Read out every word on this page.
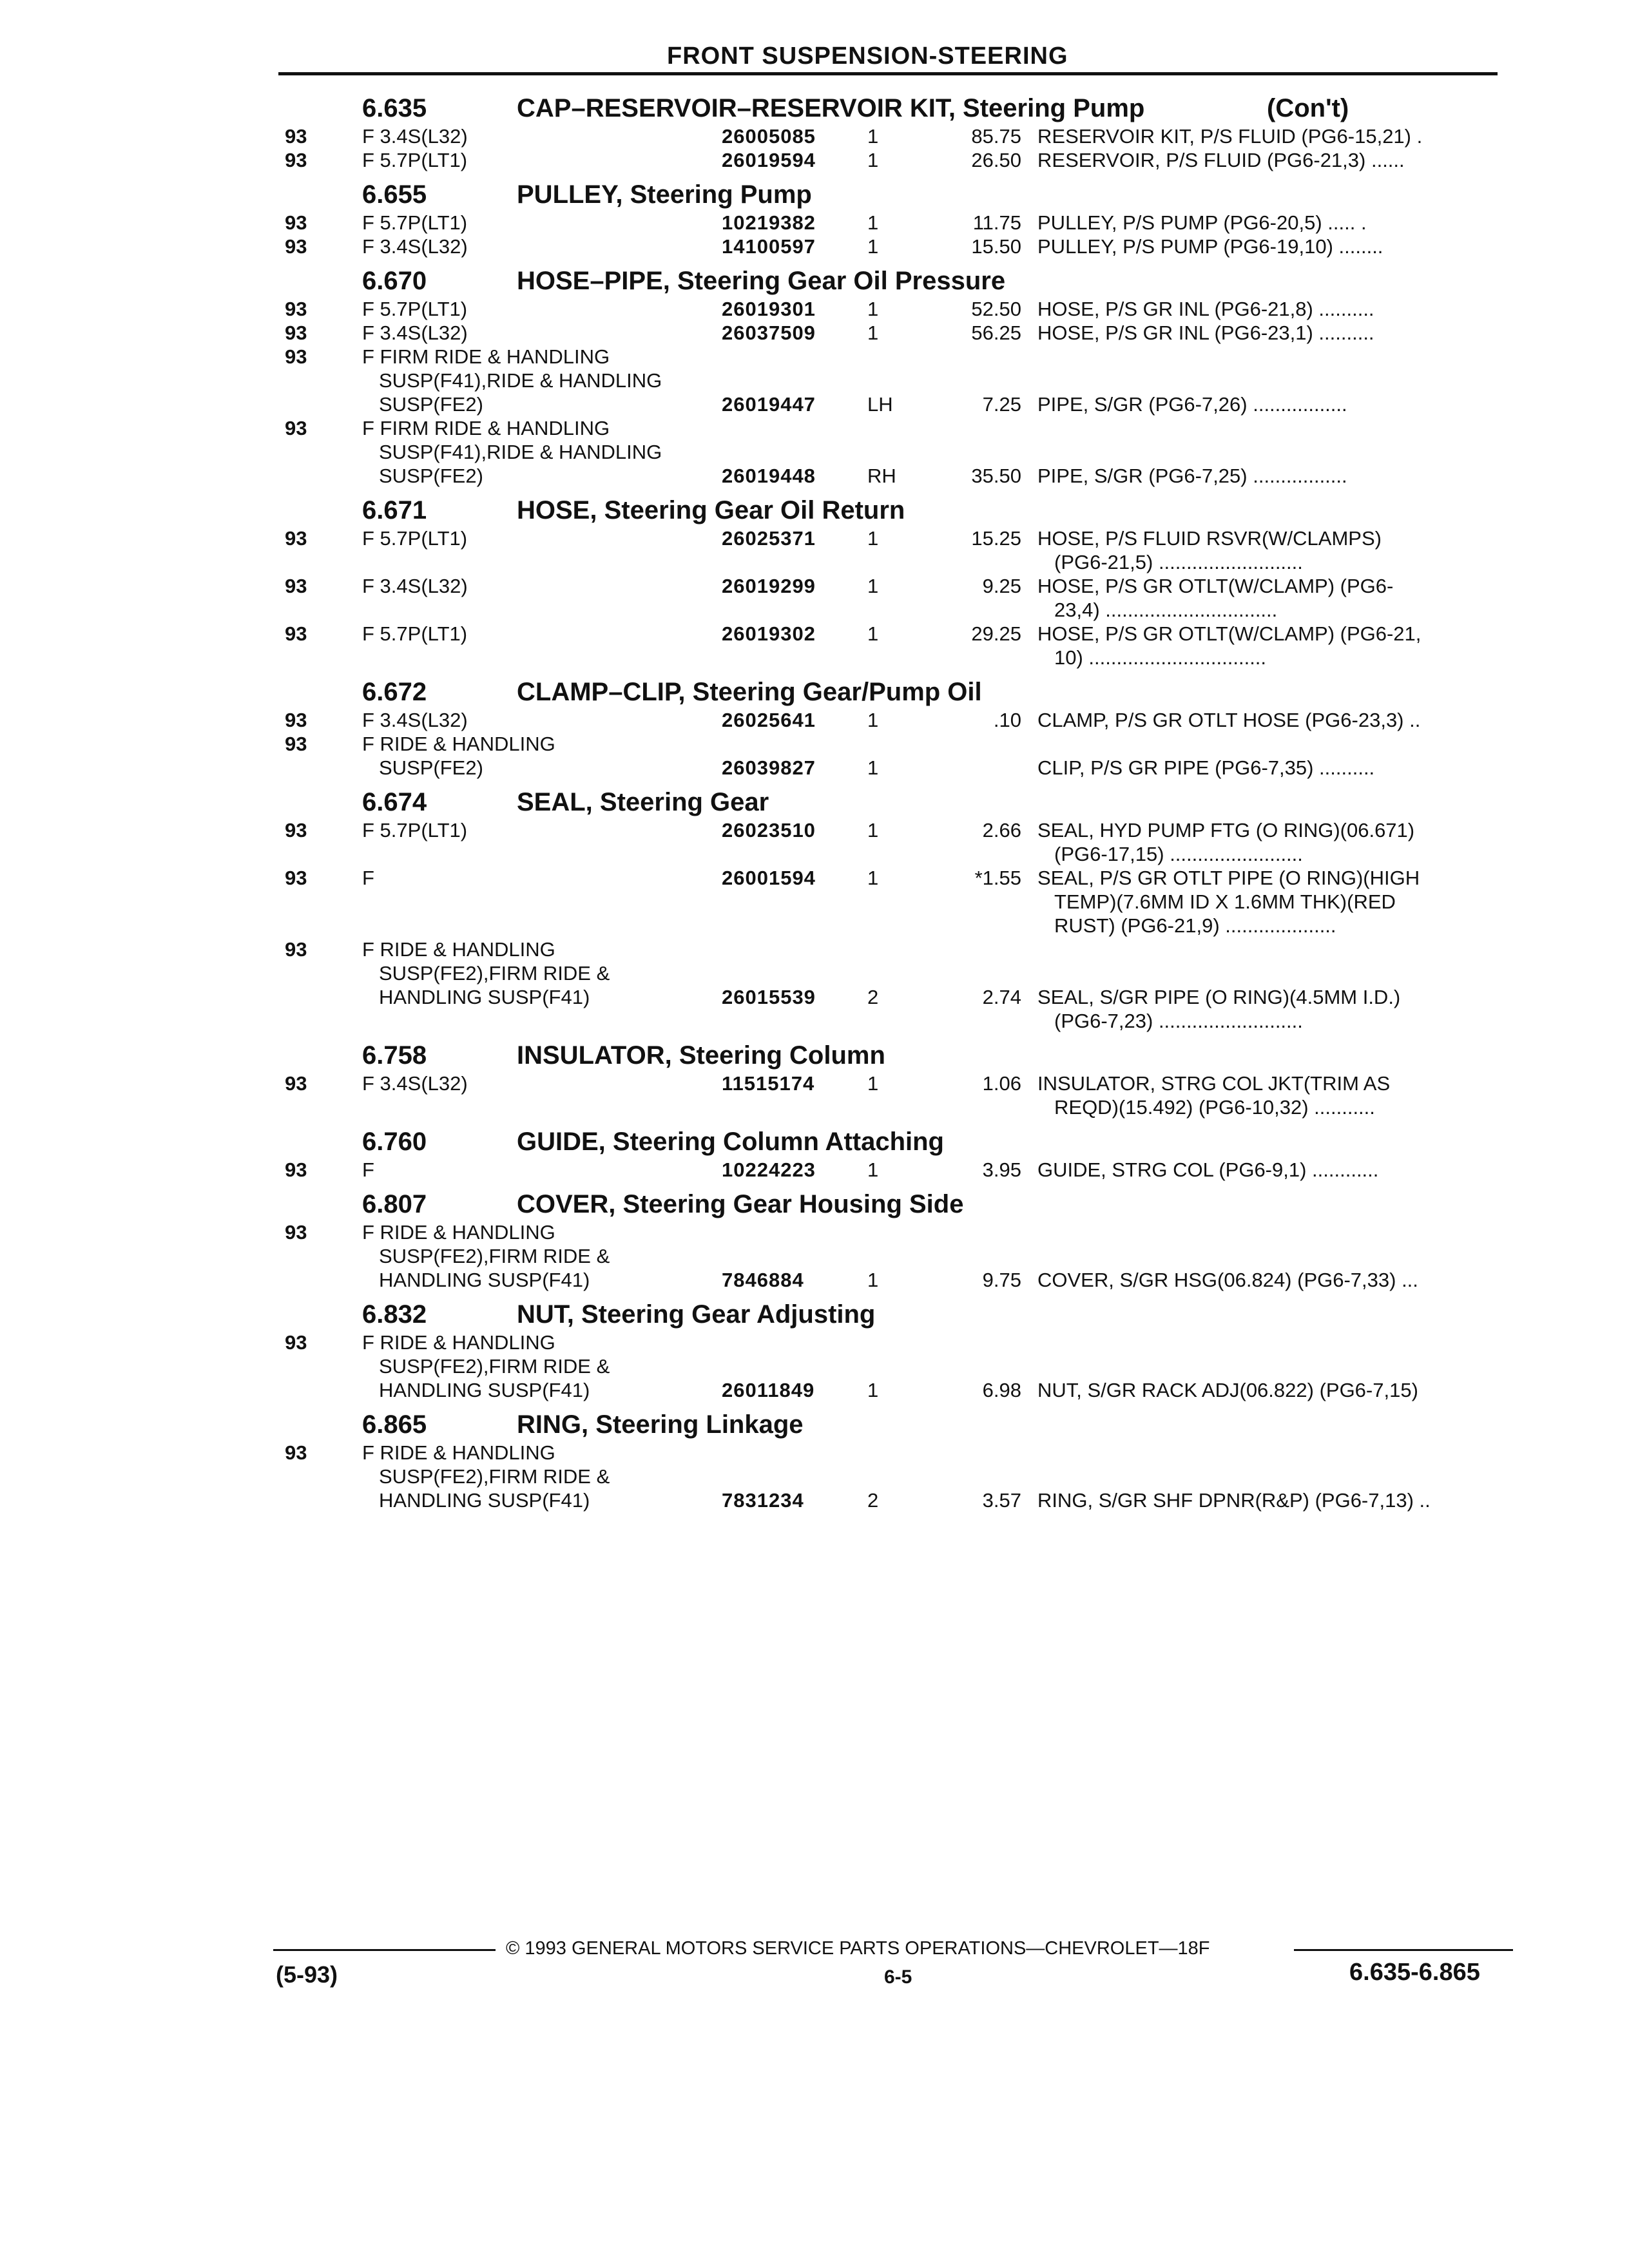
FRONT SUSPENSION-STEERING
6.635	CAP–RESERVOIR–RESERVOIR KIT, Steering Pump	(Con't)
93	F 3.4S(L32)	26005085	1	85.75 RESERVOIR KIT, P/S FLUID (PG6-15,21) .
93	F 5.7P(LT1)	26019594	1	26.50 RESERVOIR, P/S FLUID (PG6-21,3) ......
6.655	PULLEY, Steering Pump
93	F 5.7P(LT1)	10219382	1	11.75 PULLEY, P/S PUMP (PG6-20,5) ..... .
93	F 3.4S(L32)	14100597	1	15.50 PULLEY, P/S PUMP (PG6-19,10) ........
6.670	HOSE–PIPE, Steering Gear Oil Pressure
93	F 5.7P(LT1)	26019301	1	52.50 HOSE, P/S GR INL (PG6-21,8) ..........
93	F 3.4S(L32)	26037509	1	56.25 HOSE, P/S GR INL (PG6-23,1) ..........
93	F FIRM RIDE & HANDLING
SUSP(F41),RIDE & HANDLING
SUSP(FE2)	26019447	LH	7.25 PIPE, S/GR (PG6-7,26) .................
93	F FIRM RIDE & HANDLING
SUSP(F41),RIDE & HANDLING
SUSP(FE2)	26019448	RH	35.50 PIPE, S/GR (PG6-7,25) .................
6.671	HOSE, Steering Gear Oil Return
93	F 5.7P(LT1)	26025371	1	15.25 HOSE, P/S FLUID RSVR(W/CLAMPS)
(PG6-21,5) ..........................
93	F 3.4S(L32)	26019299	1	9.25 HOSE, P/S GR OTLT(W/CLAMP) (PG6-
23,4) ...............................
93	F 5.7P(LT1)	26019302	1	29.25 HOSE, P/S GR OTLT(W/CLAMP) (PG6-21,
10) ................................
6.672	CLAMP–CLIP, Steering Gear/Pump Oil
93	F 3.4S(L32)	26025641	1	.10 CLAMP, P/S GR OTLT HOSE (PG6-23,3) ..
93	F RIDE & HANDLING
SUSP(FE2)	26039827	1	CLIP, P/S GR PIPE (PG6-7,35) ..........
6.674	SEAL, Steering Gear
93	F 5.7P(LT1)	26023510	1	2.66 SEAL, HYD PUMP FTG (O RING)(06.671)
(PG6-17,15) ........................
93	F	26001594	1	*1.55 SEAL, P/S GR OTLT PIPE (O RING)(HIGH
TEMP)(7.6MM ID X 1.6MM THK)(RED
RUST) (PG6-21,9) ....................
93	F RIDE & HANDLING
SUSP(FE2),FIRM RIDE &
HANDLING SUSP(F41)	26015539	2	2.74 SEAL, S/GR PIPE (O RING)(4.5MM I.D.)
(PG6-7,23) ..........................
6.758	INSULATOR, Steering Column
93	F 3.4S(L32)	11515174	1	1.06 INSULATOR, STRG COL JKT(TRIM AS
REQD)(15.492) (PG6-10,32) ...........
6.760	GUIDE, Steering Column Attaching
93	F	10224223	1	3.95 GUIDE, STRG COL (PG6-9,1) ............
6.807	COVER, Steering Gear Housing Side
93	F RIDE & HANDLING
SUSP(FE2),FIRM RIDE &
HANDLING SUSP(F41)	7846884	1	9.75 COVER, S/GR HSG(06.824) (PG6-7,33) ...
6.832	NUT, Steering Gear Adjusting
93	F RIDE & HANDLING
SUSP(FE2),FIRM RIDE &
HANDLING SUSP(F41)	26011849	1	6.98 NUT, S/GR RACK ADJ(06.822) (PG6-7,15)
6.865	RING, Steering Linkage
93	F RIDE & HANDLING
SUSP(FE2),FIRM RIDE &
HANDLING SUSP(F41)	7831234	2	3.57 RING, S/GR SHF DPNR(R&P) (PG6-7,13) ..
© 1993 GENERAL MOTORS SERVICE PARTS OPERATIONS—CHEVROLET—18F
(5-93)	6-5	6.635-6.865
